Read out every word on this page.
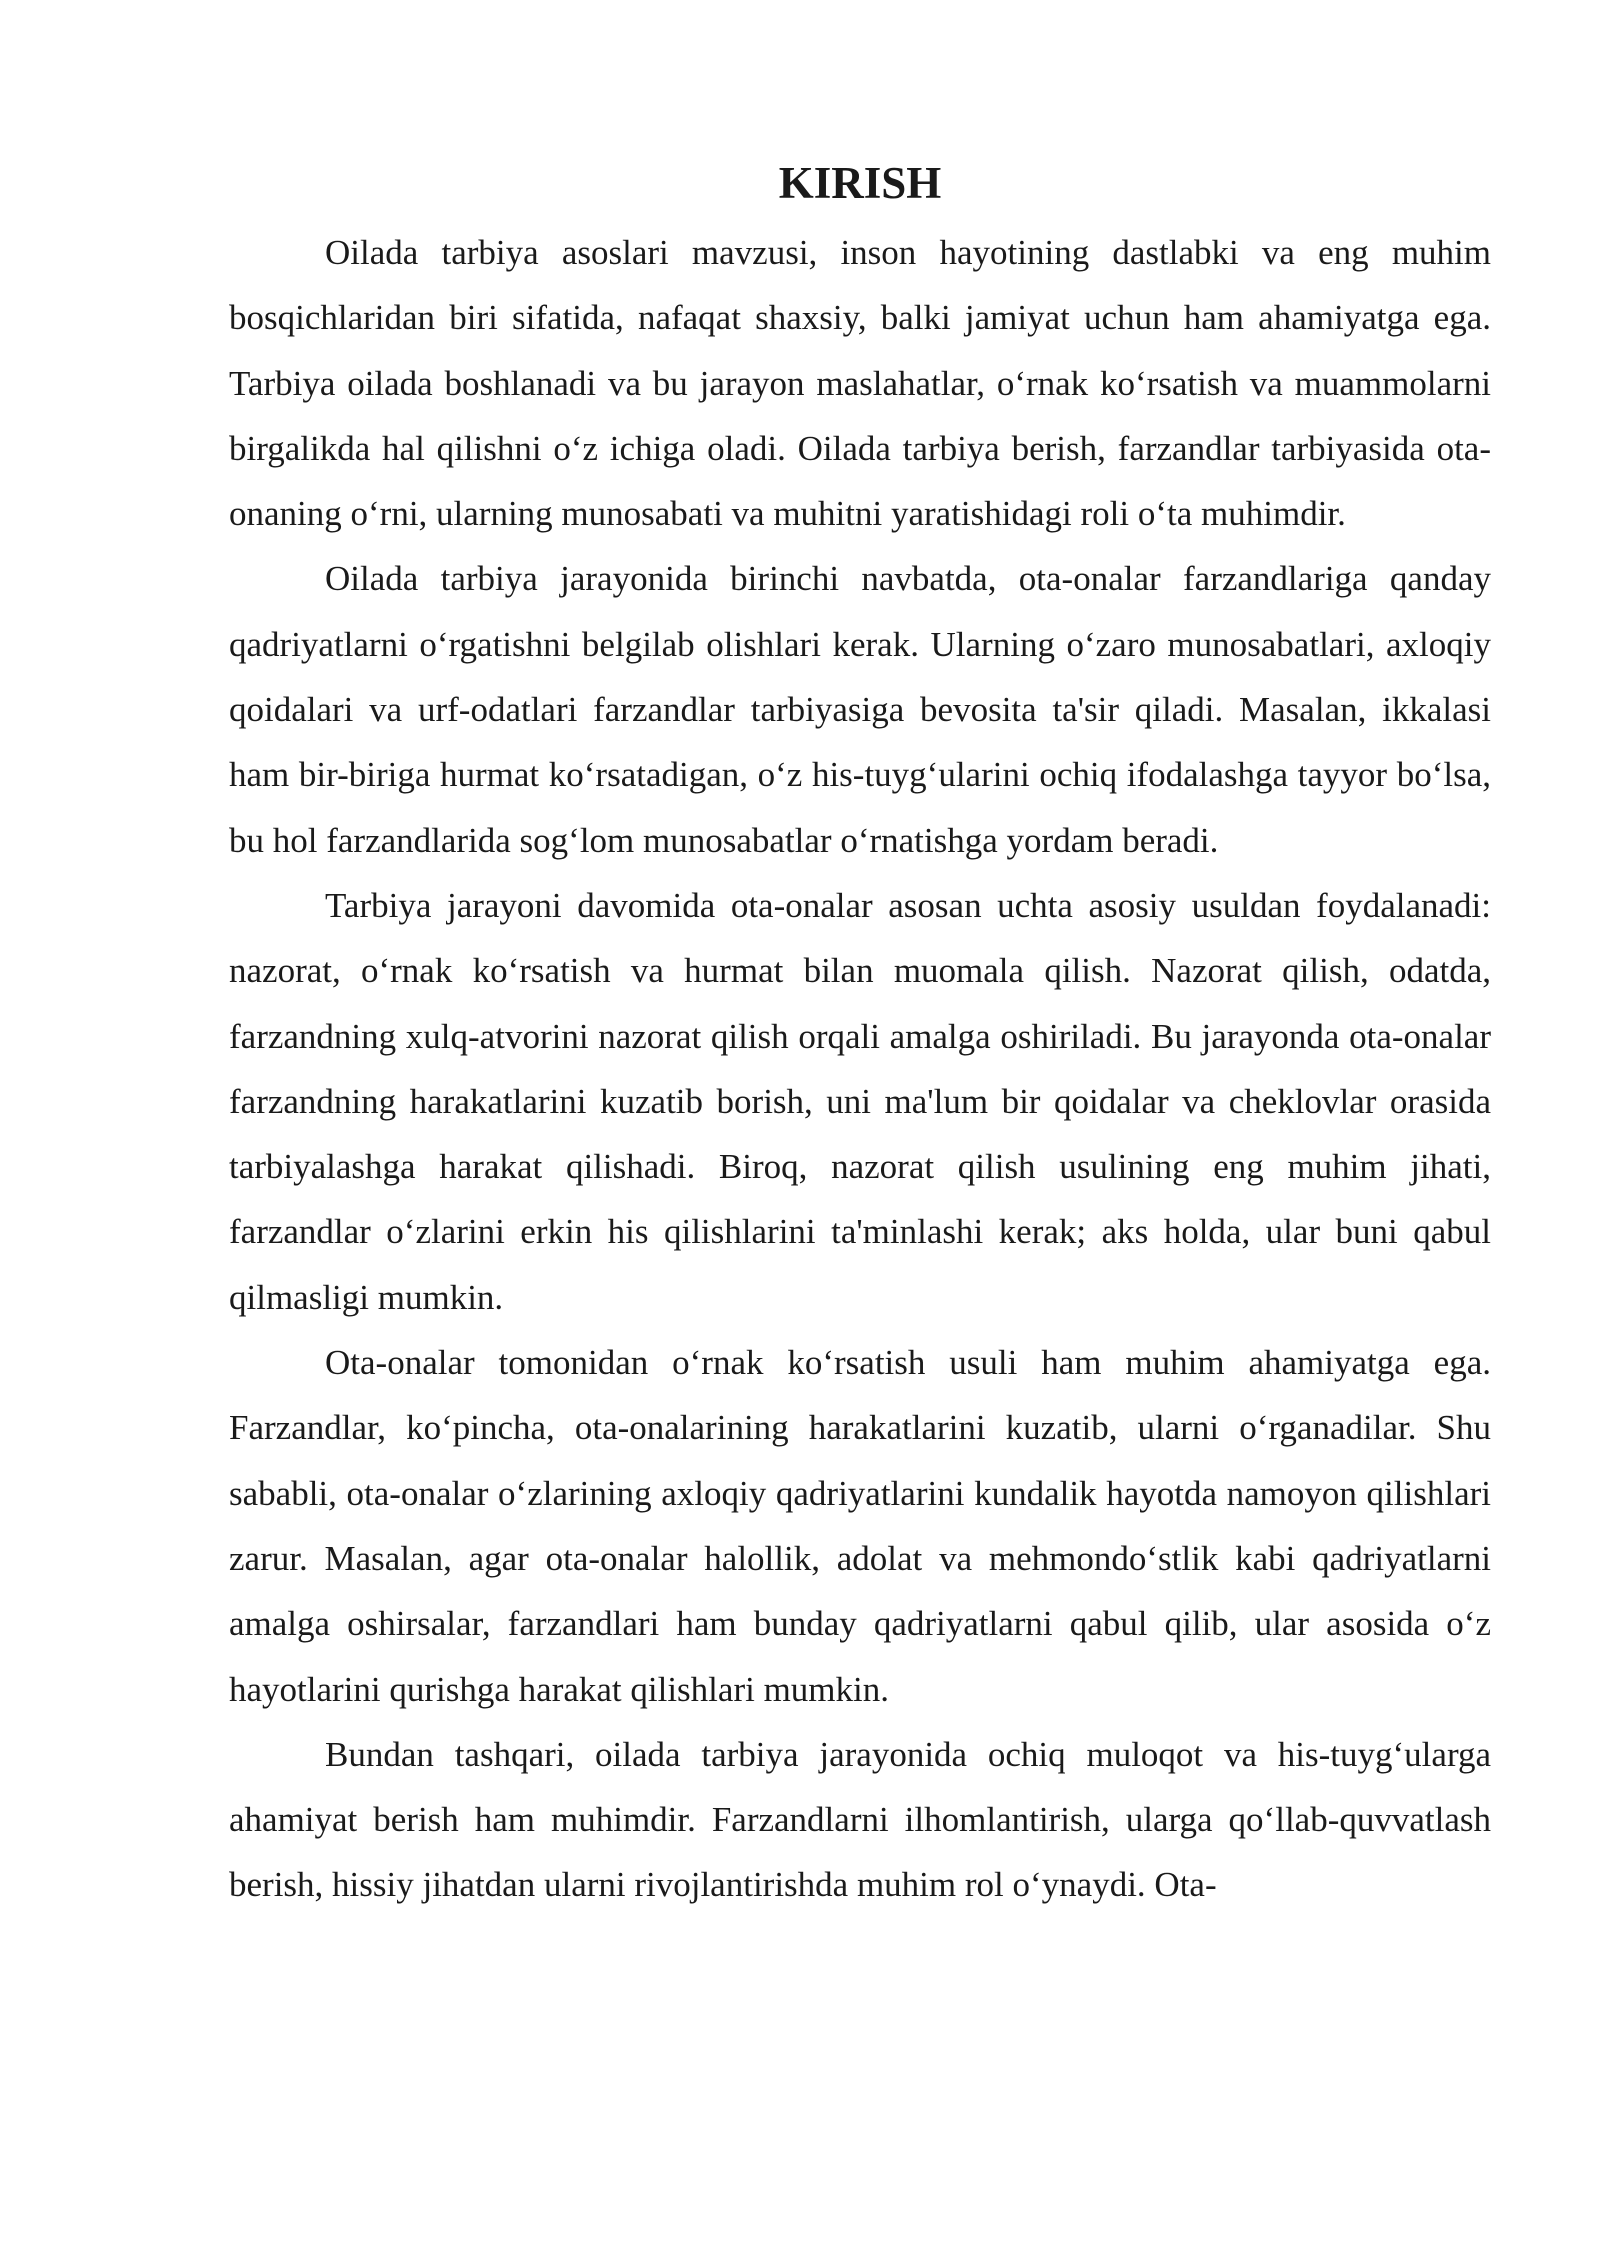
KIRISH

Oilada tarbiya asoslari mavzusi, inson hayotining dastlabki va eng muhim bosqichlaridan biri sifatida, nafaqat shaxsiy, balki jamiyat uchun ham ahamiyatga ega. Tarbiya oilada boshlanadi va bu jarayon maslahatlar, o‘rnak ko‘rsatish va muammolarni birgalikda hal qilishni o‘z ichiga oladi. Oilada tarbiya berish, farzandlar tarbiyasida ota-onaning o‘rni, ularning munosabati va muhitni yaratishidagi roli o‘ta muhimdir.

Oilada tarbiya jarayonida birinchi navbatda, ota-onalar farzandlariga qanday qadriyatlarni o‘rgatishni belgilab olishlari kerak. Ularning o‘zaro munosabatlari, axloqiy qoidalari va urf-odatlari farzandlar tarbiyasiga bevosita ta'sir qiladi. Masalan, ikkalasi ham bir-biriga hurmat ko‘rsatadigan, o‘z his-tuyg‘ularini ochiq ifodalashga tayyor bo‘lsa, bu hol farzandlarida sog‘lom munosabatlar o‘rnatishga yordam beradi.

Tarbiya jarayoni davomida ota-onalar asosan uchta asosiy usuldan foydalanadi: nazorat, o‘rnak ko‘rsatish va hurmat bilan muomala qilish. Nazorat qilish, odatda, farzandning xulq-atvorini nazorat qilish orqali amalga oshiriladi. Bu jarayonda ota-onalar farzandning harakatlarini kuzatib borish, uni ma'lum bir qoidalar va cheklovlar orasida tarbiyalashga harakat qilishadi. Biroq, nazorat qilish usulining eng muhim jihati, farzandlar o‘zlarini erkin his qilishlarini ta'minlashi kerak; aks holda, ular buni qabul qilmasligi mumkin.

Ota-onalar tomonidan o‘rnak ko‘rsatish usuli ham muhim ahamiyatga ega. Farzandlar, ko‘pincha, ota-onalarining harakatlarini kuzatib, ularni o‘rganadilar. Shu sababli, ota-onalar o‘zlarining axloqiy qadriyatlarini kundalik hayotda namoyon qilishlari zarur. Masalan, agar ota-onalar halollik, adolat va mehmondo‘stlik kabi qadriyatlarni amalga oshirsalar, farzandlari ham bunday qadriyatlarni qabul qilib, ular asosida o‘z hayotlarini qurishga harakat qilishlari mumkin.

Bundan tashqari, oilada tarbiya jarayonida ochiq muloqot va his-tuyg‘ularga ahamiyat berish ham muhimdir. Farzandlarni ilhomlantirish, ularga qo‘llab-quvvatlash berish, hissiy jihatdan ularni rivojlantirishda muhim rol o‘ynaydi. Ota-
